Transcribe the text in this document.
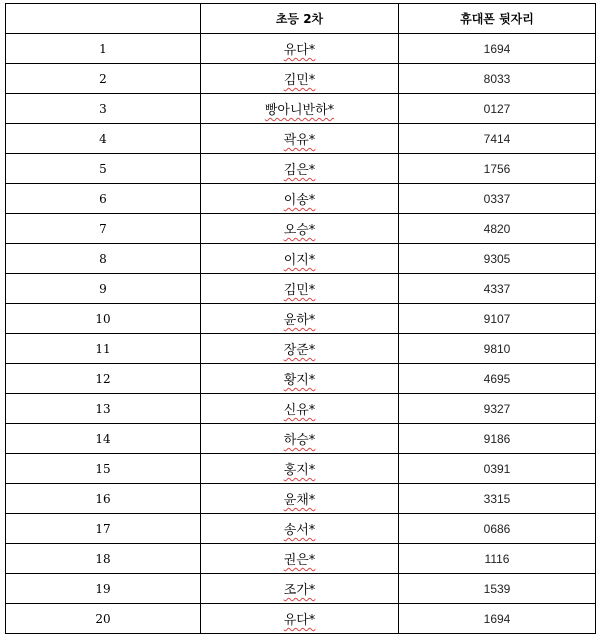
	초등 2차	휴대폰 뒷자리
1	유다*	1694
2	김민*	8033
3	빵아니반하*	0127
4	곽유*	7414
5	김은*	1756
6	이송*	0337
7	오승*	4820
8	이지*	9305
9	김민*	4337
10	윤하*	9107
11	장준*	9810
12	황지*	4695
13	신유*	9327
14	하승*	9186
15	홍지*	0391
16	윤채*	3315
17	송서*	0686
18	권은*	1116
19	조가*	1539
20	유다*	1694
